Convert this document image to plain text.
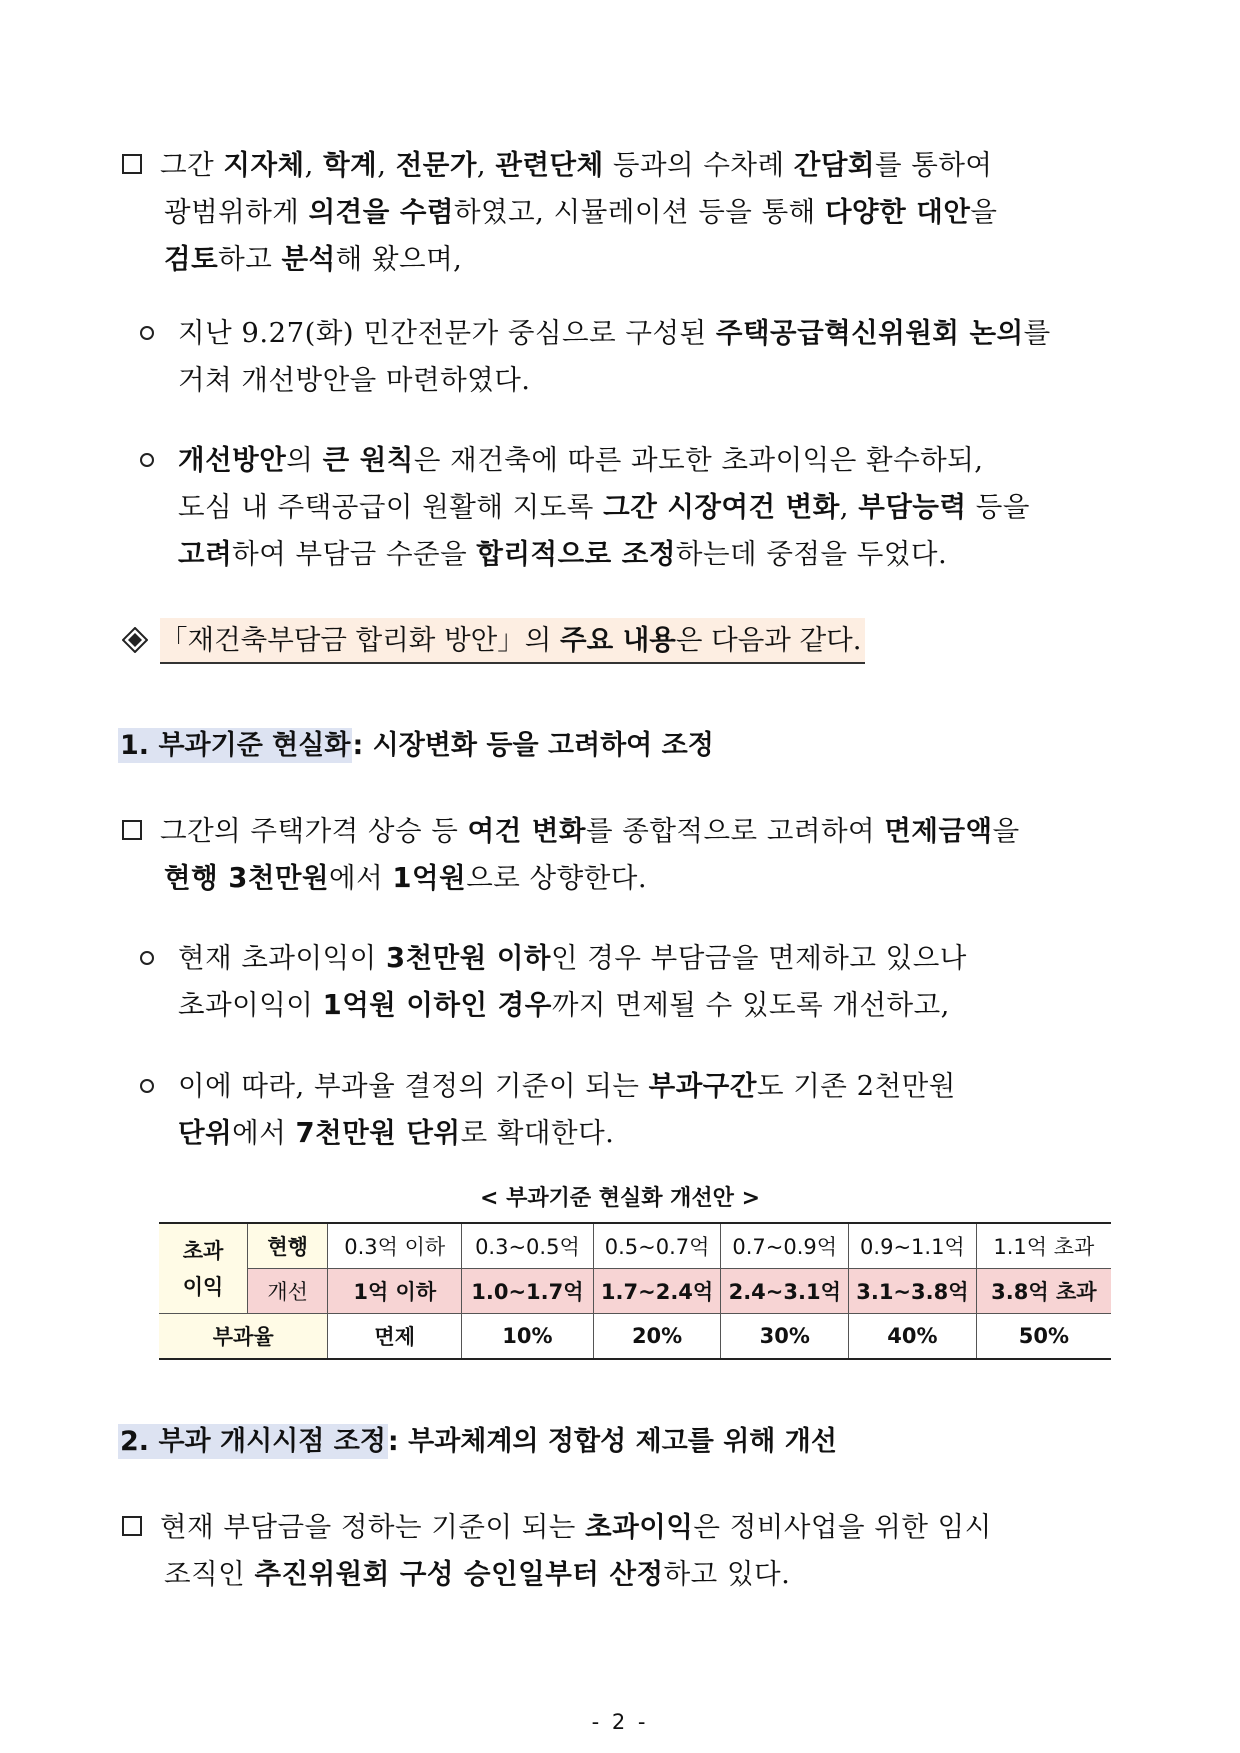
그간 지자체, 학계, 전문가, 관련단체 등과의 수차례 간담회를 통하여
광범위하게 의견을 수렴하였고, 시뮬레이션 등을 통해 다양한 대안을
검토하고 분석해 왔으며,
지난 9.27(화) 민간전문가 중심으로 구성된 주택공급혁신위원회 논의를
거쳐 개선방안을 마련하였다.
개선방안의 큰 원칙은 재건축에 따른 과도한 초과이익은 환수하되,
도심 내 주택공급이 원활해 지도록 그간 시장여건 변화, 부담능력 등을
고려하여 부담금 수준을 합리적으로 조정하는데 중점을 두었다.
「재건축부담금 합리화 방안」의 주요 내용은 다음과 같다.
1. 부과기준 현실화: 시장변화 등을 고려하여 조정
그간의 주택가격 상승 등 여건 변화를 종합적으로 고려하여 면제금액을
현행 3천만원에서 1억원으로 상향한다.
현재 초과이익이 3천만원 이하인 경우 부담금을 면제하고 있으나
초과이익이 1억원 이하인 경우까지 면제될 수 있도록 개선하고,
이에 따라, 부과율 결정의 기준이 되는 부과구간도 기존 2천만원
단위에서 7천만원 단위로 확대한다.
< 부과기준 현실화 개선안 >
초과
이익	현행	0.3억 이하	0.3~0.5억	0.5~0.7억	0.7~0.9억	0.9~1.1억	1.1억 초과
	개선	1억 이하	1.0~1.7억	1.7~2.4억	2.4~3.1억	3.1~3.8억	3.8억 초과
부과율		면제	10%	20%	30%	40%	50%
2. 부과 개시시점 조정: 부과체계의 정합성 제고를 위해 개선
현재 부담금을 정하는 기준이 되는 초과이익은 정비사업을 위한 임시
조직인 추진위원회 구성 승인일부터 산정하고 있다.
- 2 -
